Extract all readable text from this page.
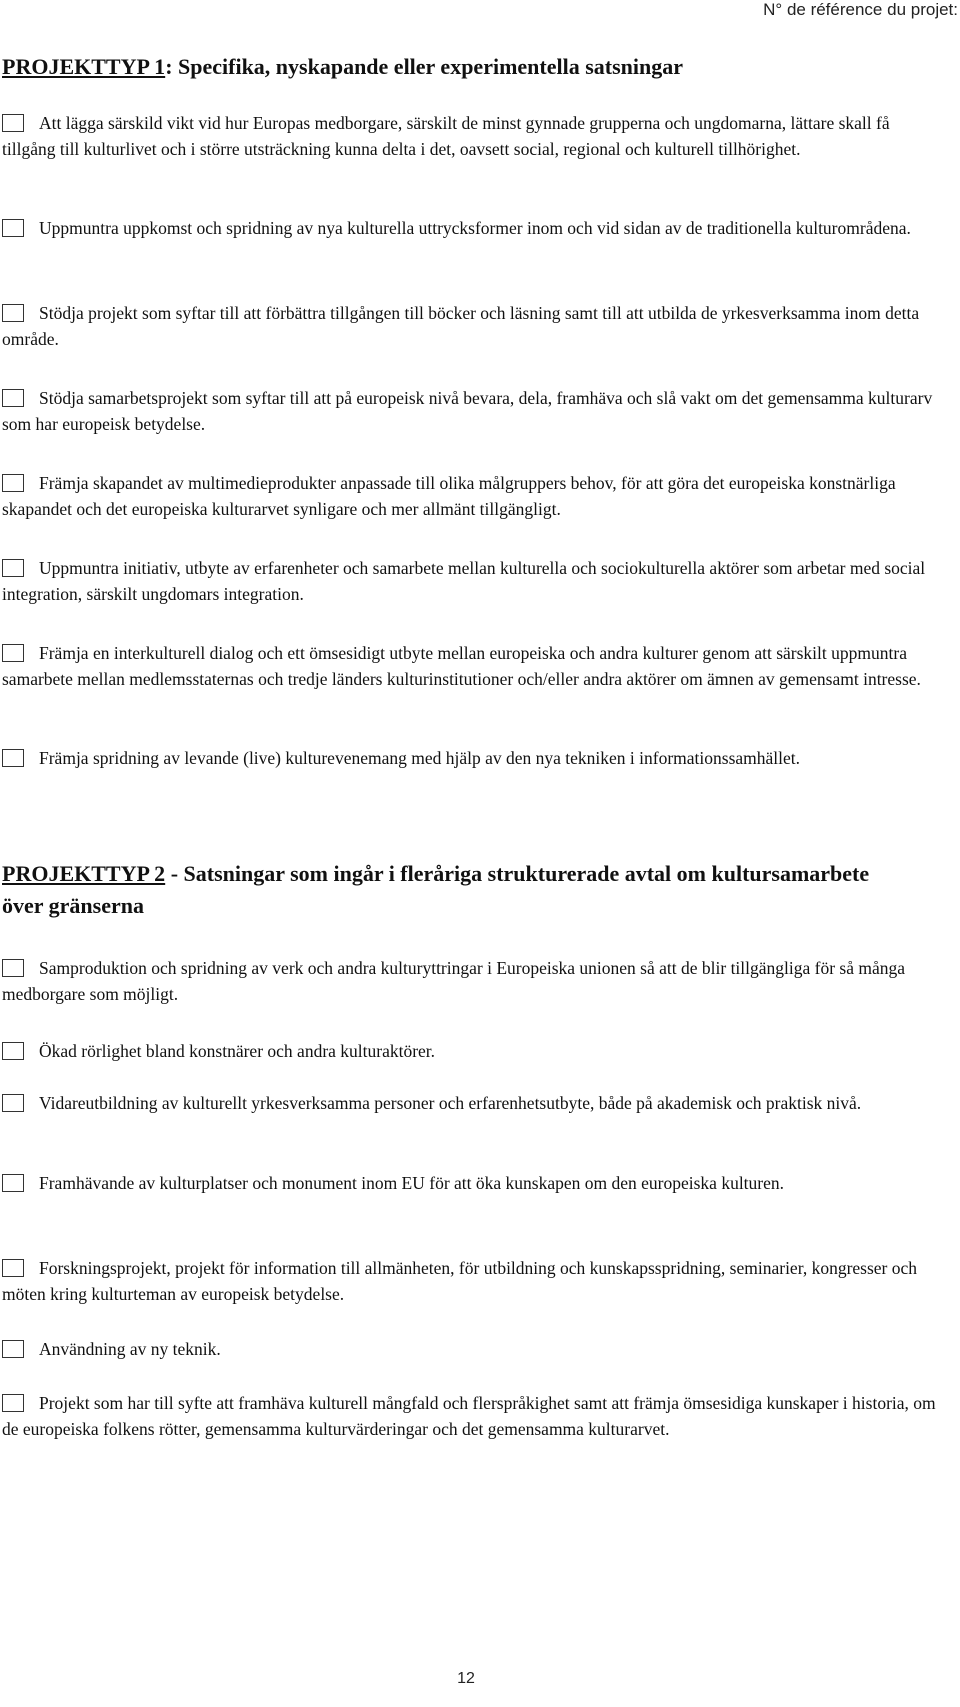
N° de référence du projet:
PROJEKTTYP 1: Specifika, nyskapande eller experimentella satsningar

Att lägga särskild vikt vid hur Europas medborgare, särskilt de minst gynnade grupperna och ungdomarna, lättare skall få tillgång till kulturlivet och i större utsträckning kunna delta i det, oavsett social, regional och kulturell tillhörighet.

Uppmuntra uppkomst och spridning av nya kulturella uttrycksformer inom och vid sidan av de traditionella kulturområdena.

Stödja projekt som syftar till att förbättra tillgången till böcker och läsning samt till att utbilda de yrkesverksamma inom detta område.

Stödja samarbetsprojekt som syftar till att på europeisk nivå bevara, dela, framhäva och slå vakt om det gemensamma kulturarv som har europeisk betydelse.

Främja skapandet av multimedieprodukter anpassade till olika målgruppers behov, för att göra det europeiska konstnärliga skapandet och det europeiska kulturarvet synligare och mer allmänt tillgängligt.

Uppmuntra initiativ, utbyte av erfarenheter och samarbete mellan kulturella och sociokulturella aktörer som arbetar med social integration, särskilt ungdomars integration.

Främja en interkulturell dialog och ett ömsesidigt utbyte mellan europeiska och andra kulturer genom att särskilt uppmuntra samarbete mellan medlemsstaternas och tredje länders kulturinstitutioner och/eller andra aktörer om ämnen av gemensamt intresse.

Främja spridning av levande (live) kulturevenemang med hjälp av den nya tekniken i informationssamhället.

PROJEKTTYP 2 - Satsningar som ingår i fleråriga strukturerade avtal om kultursamarbete över gränserna

Samproduktion och spridning av verk och andra kulturyttringar i Europeiska unionen så att de blir tillgängliga för så många medborgare som möjligt.

Ökad rörlighet bland konstnärer och andra kulturaktörer.

Vidareutbildning av kulturellt yrkesverksamma personer och erfarenhetsutbyte, både på akademisk och praktisk nivå.

Framhävande av kulturplatser och monument inom EU för att öka kunskapen om den europeiska kulturen.

Forskningsprojekt, projekt för information till allmänheten, för utbildning och kunskapsspridning, seminarier, kongresser och möten kring kulturteman av europeisk betydelse.

Användning av ny teknik.

Projekt som har till syfte att framhäva kulturell mångfald och flerspråkighet samt att främja ömsesidiga kunskaper i historia, om de europeiska folkens rötter, gemensamma kulturvärderingar och det gemensamma kulturarvet.

12
